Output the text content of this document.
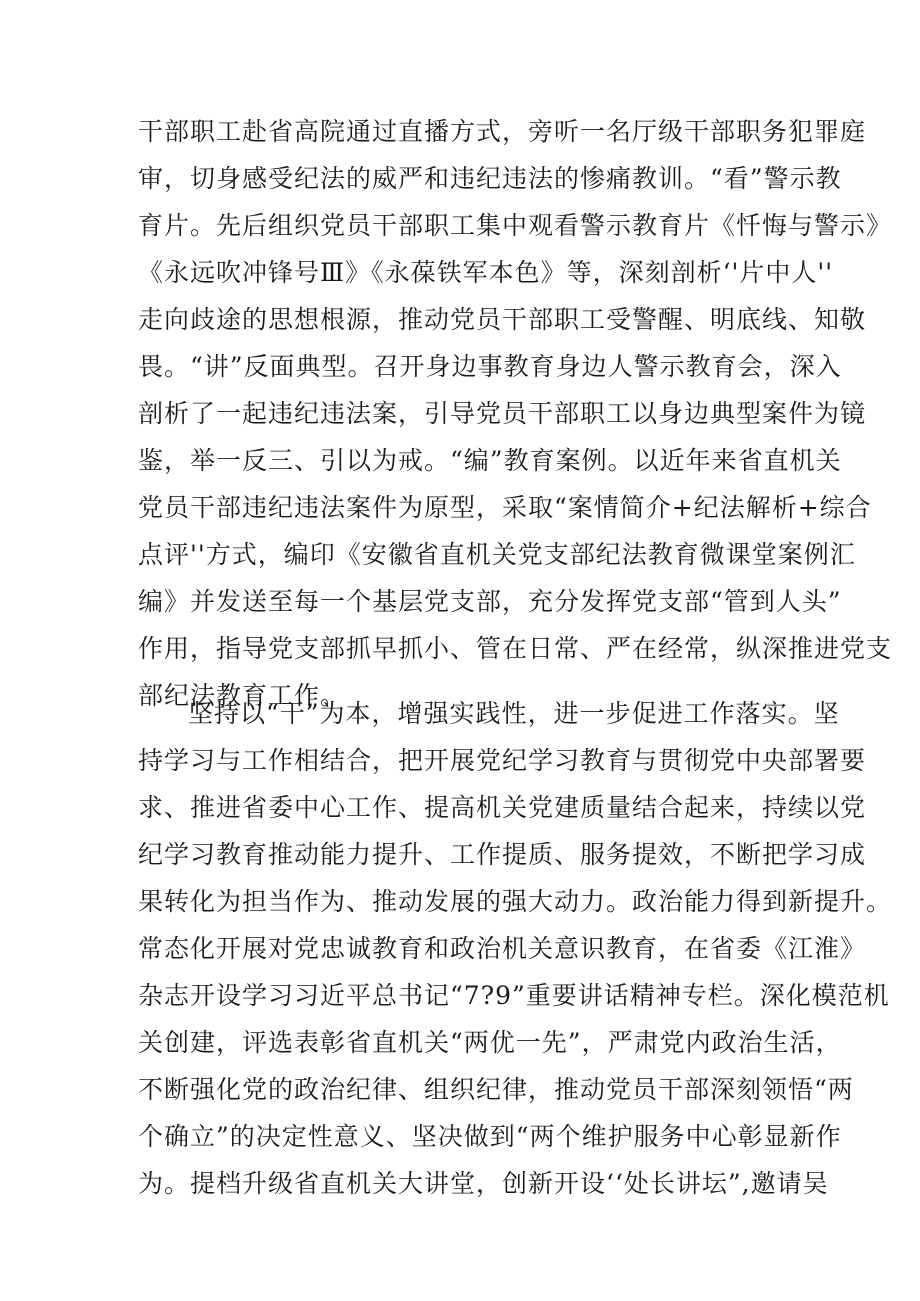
干部职工赴省高院通过直播方式，旁听一名厅级干部职务犯罪庭
审，切身感受纪法的威严和违纪违法的惨痛教训。“看”警示教
育片。先后组织党员干部职工集中观看警示教育片《忏悔与警示》
《永远吹冲锋号Ⅲ》《永葆铁军本色》等，深刻剖析‘'片中人''
走向歧途的思想根源，推动党员干部职工受警醒、明底线、知敬
畏。“讲”反面典型。召开身边事教育身边人警示教育会，深入
剖析了一起违纪违法案，引导党员干部职工以身边典型案件为镜
鉴，举一反三、引以为戒。“编”教育案例。以近年来省直机关
党员干部违纪违法案件为原型，采取“案情简介+纪法解析+综合
点评''方式，编印《安徽省直机关党支部纪法教育微课堂案例汇
编》并发送至每一个基层党支部，充分发挥党支部“管到人头”
作用，指导党支部抓早抓小、管在日常、严在经常，纵深推进党支
部纪法教育工作。
坚持以“干”为本，增强实践性，进一步促进工作落实。坚
持学习与工作相结合，把开展党纪学习教育与贯彻党中央部署要
求、推进省委中心工作、提高机关党建质量结合起来，持续以党
纪学习教育推动能力提升、工作提质、服务提效，不断把学习成
果转化为担当作为、推动发展的强大动力。政治能力得到新提升。
常态化开展对党忠诚教育和政治机关意识教育，在省委《江淮》
杂志开设学习习近平总书记“7?9”重要讲话精神专栏。深化模范机
关创建，评选表彰省直机关“两优一先”，严肃党内政治生活，
不断强化党的政治纪律、组织纪律，推动党员干部深刻领悟“两
个确立”的决定性意义、坚决做到“两个维护服务中心彰显新作
为。提档升级省直机关大讲堂，创新开设‘‘处长讲坛”,邀请吴
